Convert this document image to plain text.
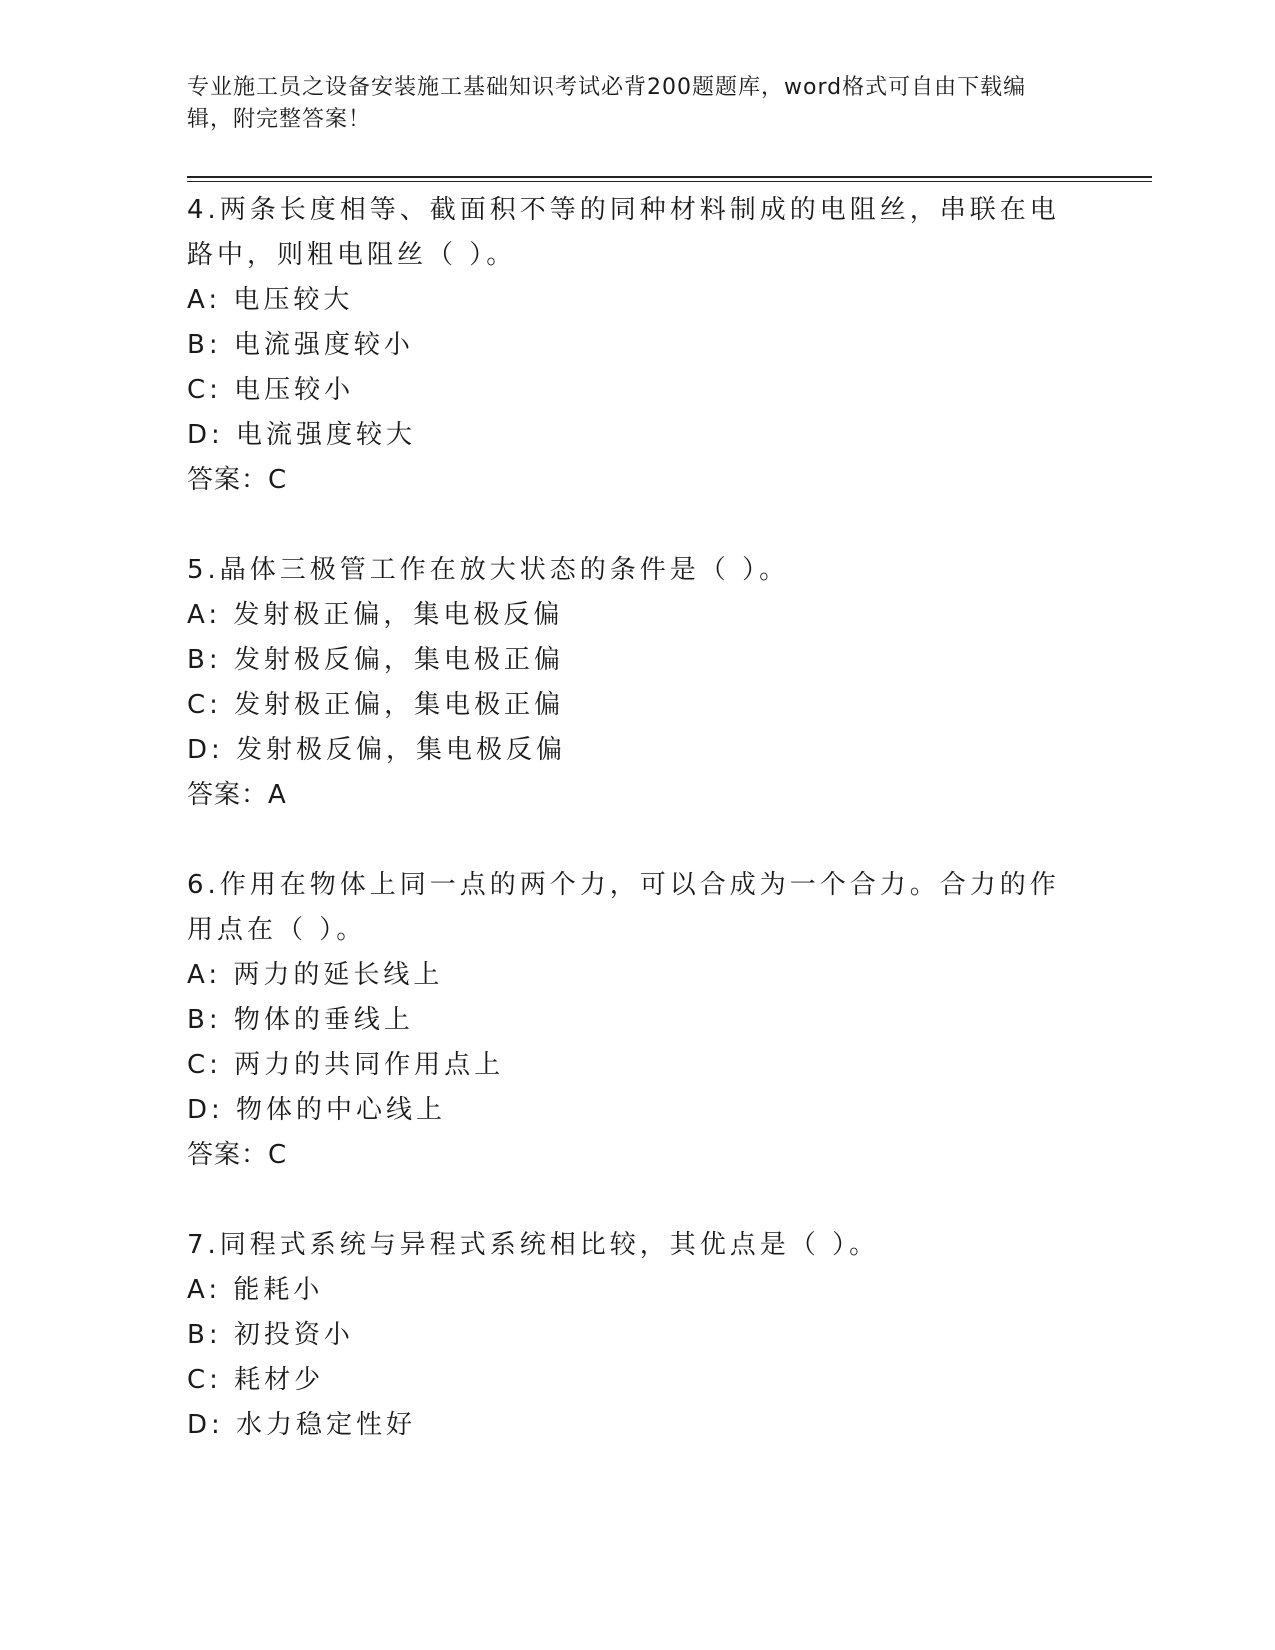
专业施工员之设备安装施工基础知识考试必背200题题库，word格式可自由下载编辑，附完整答案！

4.两条长度相等、截面积不等的同种材料制成的电阻丝，串联在电路中，则粗电阻丝（ ）。

A: 电压较大

B: 电流强度较小

C: 电压较小

D: 电流强度较大

答案：C

5.晶体三极管工作在放大状态的条件是（ ）。

A: 发射极正偏，集电极反偏

B: 发射极反偏，集电极正偏

C: 发射极正偏，集电极正偏

D: 发射极反偏，集电极反偏

答案：A

6.作用在物体上同一点的两个力，可以合成为一个合力。合力的作用点在（ ）。

A: 两力的延长线上

B: 物体的垂线上

C: 两力的共同作用点上

D: 物体的中心线上

答案：C

7.同程式系统与异程式系统相比较，其优点是（ ）。

A: 能耗小

B: 初投资小

C: 耗材少

D: 水力稳定性好
